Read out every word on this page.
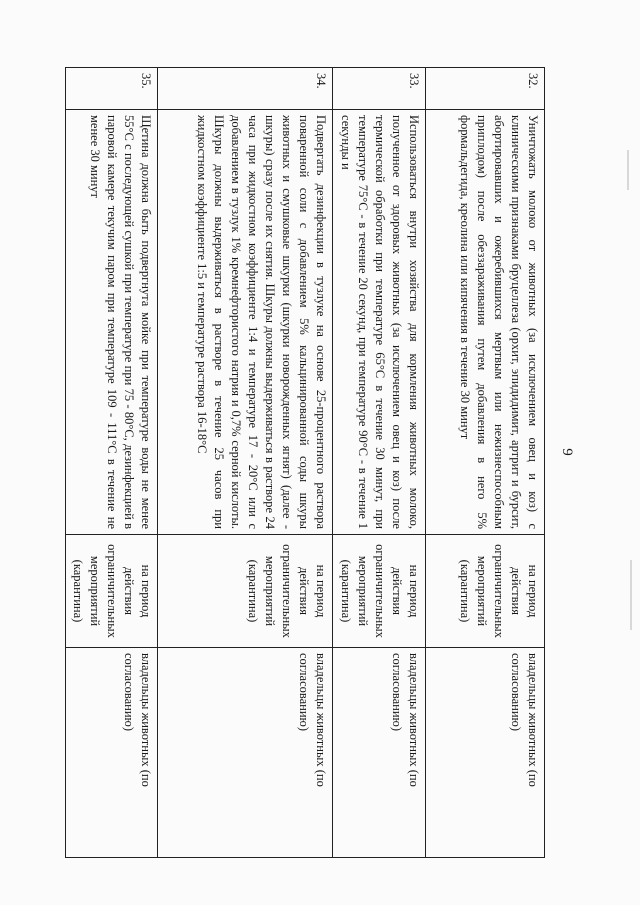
9
32.	Уничтожать молоко от животных (за исключением овец и коз) с клиническими признаками бруцеллеза (орхит, эпидидимит, артрит и бурсит, абортировавших и ожеребившихся мертвым или нежизнеспособным приплодом) после обеззараживания путем добавления в него 5% формальдегида, креолина или кипячения в течение 30 минут	на период действия ограничительных мероприятий (карантина)	владельцы животных (по согласованию)
33.	Использоваться внутри хозяйства для кормления животных молоко, полученное от здоровых животных (за исключением овец и коз) после термической обработки при температуре 65°С в течение 30 минут, при температуре 75°С - в течение 20 секунд, при температуре 90°С - в течение 1 секунды и	на период действия ограничительных мероприятий (карантина)	владельцы животных (по согласованию)
34.	Подвергать дезинфекции в тузлуке на основе 25-процентного раствора поваренной соли с добавлением 5% кальцинированной соды шкуры животных и смушковые шкурки (шкурки новорожденных ягнят) (далее - шкуры) сразу после их снятия. Шкуры должны выдерживаться в растворе 24 часа при жидкостном коэффициенте 1:4 и температуре 17 - 20°С или с добавлением в тузлук 1% кремнефтористого натрия и 0,7% серной кислоты. Шкуры должны выдерживаться в растворе в течение 25 часов при жидкостном коэффициенте 1:5 и температуре раствора 16-18°С	на период действия ограничительных мероприятий (карантина)	владельцы животных (по согласованию)
35.	Щетина должна быть подвергнута мойке при температуре воды не менее 55°С с последующей сушкой при температуре при 75 - 80°С, дезинфекцией в паровой камере текучим паром при температуре 109 - 111°С в течение не менее 30 минут	на период действия ограничительных мероприятий (карантина)	владельцы животных (по согласованию)
